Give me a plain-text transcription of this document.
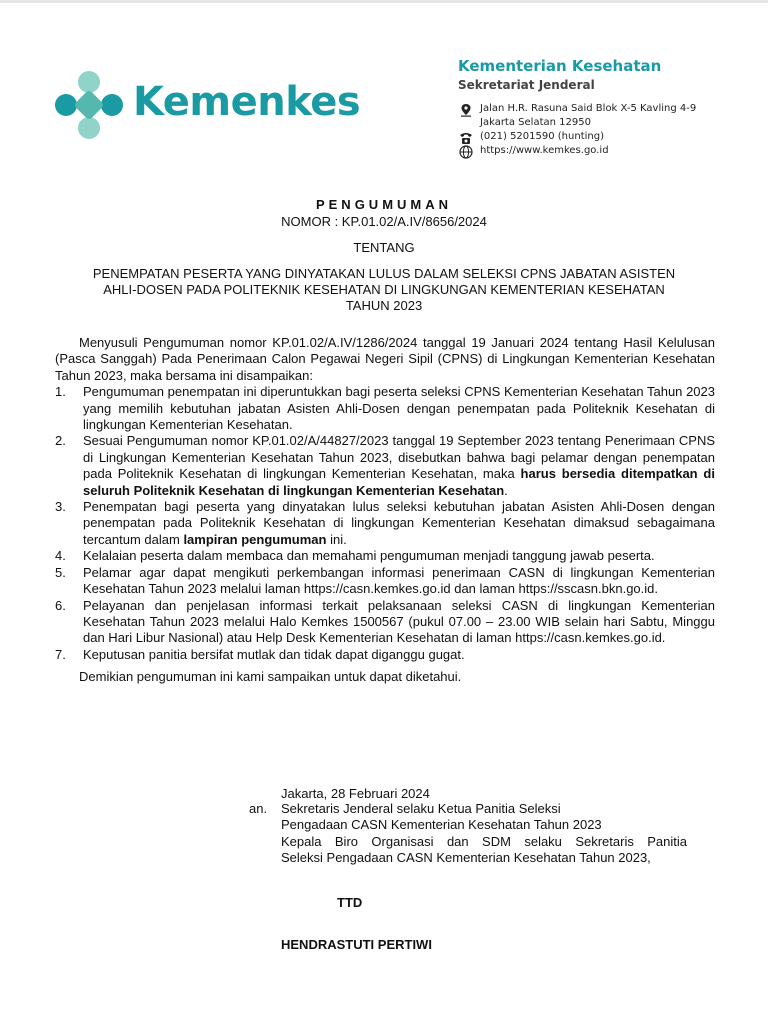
Kemenkes
Kementerian Kesehatan
Sekretariat Jenderal
Jalan H.R. Rasuna Said Blok X-5 Kavling 4-9
Jakarta Selatan 12950
(021) 5201590 (hunting)
https://www.kemkes.go.id
PENGUMUMAN
NOMOR : KP.01.02/A.IV/8656/2024
TENTANG
PENEMPATAN PESERTA YANG DINYATAKAN LULUS DALAM SELEKSI CPNS JABATAN ASISTEN
AHLI-DOSEN PADA POLITEKNIK KESEHATAN DI LINGKUNGAN KEMENTERIAN KESEHATAN
TAHUN 2023

Menyusuli Pengumuman nomor KP.01.02/A.IV/1286/2024 tanggal 19 Januari 2024 tentang Hasil Kelulusan (Pasca Sanggah) Pada Penerimaan Calon Pegawai Negeri Sipil (CPNS) di Lingkungan Kementerian Kesehatan Tahun 2023, maka bersama ini disampaikan:

1. Pengumuman penempatan ini diperuntukkan bagi peserta seleksi CPNS Kementerian Kesehatan Tahun 2023 yang memilih kebutuhan jabatan Asisten Ahli-Dosen dengan penempatan pada Politeknik Kesehatan di lingkungan Kementerian Kesehatan.
2. Sesuai Pengumuman nomor KP.01.02/A/44827/2023 tanggal 19 September 2023 tentang Penerimaan CPNS di Lingkungan Kementerian Kesehatan Tahun 2023, disebutkan bahwa bagi pelamar dengan penempatan pada Politeknik Kesehatan di lingkungan Kementerian Kesehatan, maka harus bersedia ditempatkan di seluruh Politeknik Kesehatan di lingkungan Kementerian Kesehatan.
3. Penempatan bagi peserta yang dinyatakan lulus seleksi kebutuhan jabatan Asisten Ahli-Dosen dengan penempatan pada Politeknik Kesehatan di lingkungan Kementerian Kesehatan dimaksud sebagaimana tercantum dalam lampiran pengumuman ini.
4. Kelalaian peserta dalam membaca dan memahami pengumuman menjadi tanggung jawab peserta.
5. Pelamar agar dapat mengikuti perkembangan informasi penerimaan CASN di lingkungan Kementerian Kesehatan Tahun 2023 melalui laman https://casn.kemkes.go.id dan laman https://sscasn.bkn.go.id.
6. Pelayanan dan penjelasan informasi terkait pelaksanaan seleksi CASN di lingkungan Kementerian Kesehatan Tahun 2023 melalui Halo Kemkes 1500567 (pukul 07.00 – 23.00 WIB selain hari Sabtu, Minggu dan Hari Libur Nasional) atau Help Desk Kementerian Kesehatan di laman https://casn.kemkes.go.id.
7. Keputusan panitia bersifat mutlak dan tidak dapat diganggu gugat.
Demikian pengumuman ini kami sampaikan untuk dapat diketahui.
Jakarta, 28 Februari 2024
an. Sekretaris Jenderal selaku Ketua Panitia Seleksi
Pengadaan CASN Kementerian Kesehatan Tahun 2023
Kepala Biro Organisasi dan SDM selaku Sekretaris Panitia
Seleksi Pengadaan CASN Kementerian Kesehatan Tahun 2023,
TTD
HENDRASTUTI PERTIWI
